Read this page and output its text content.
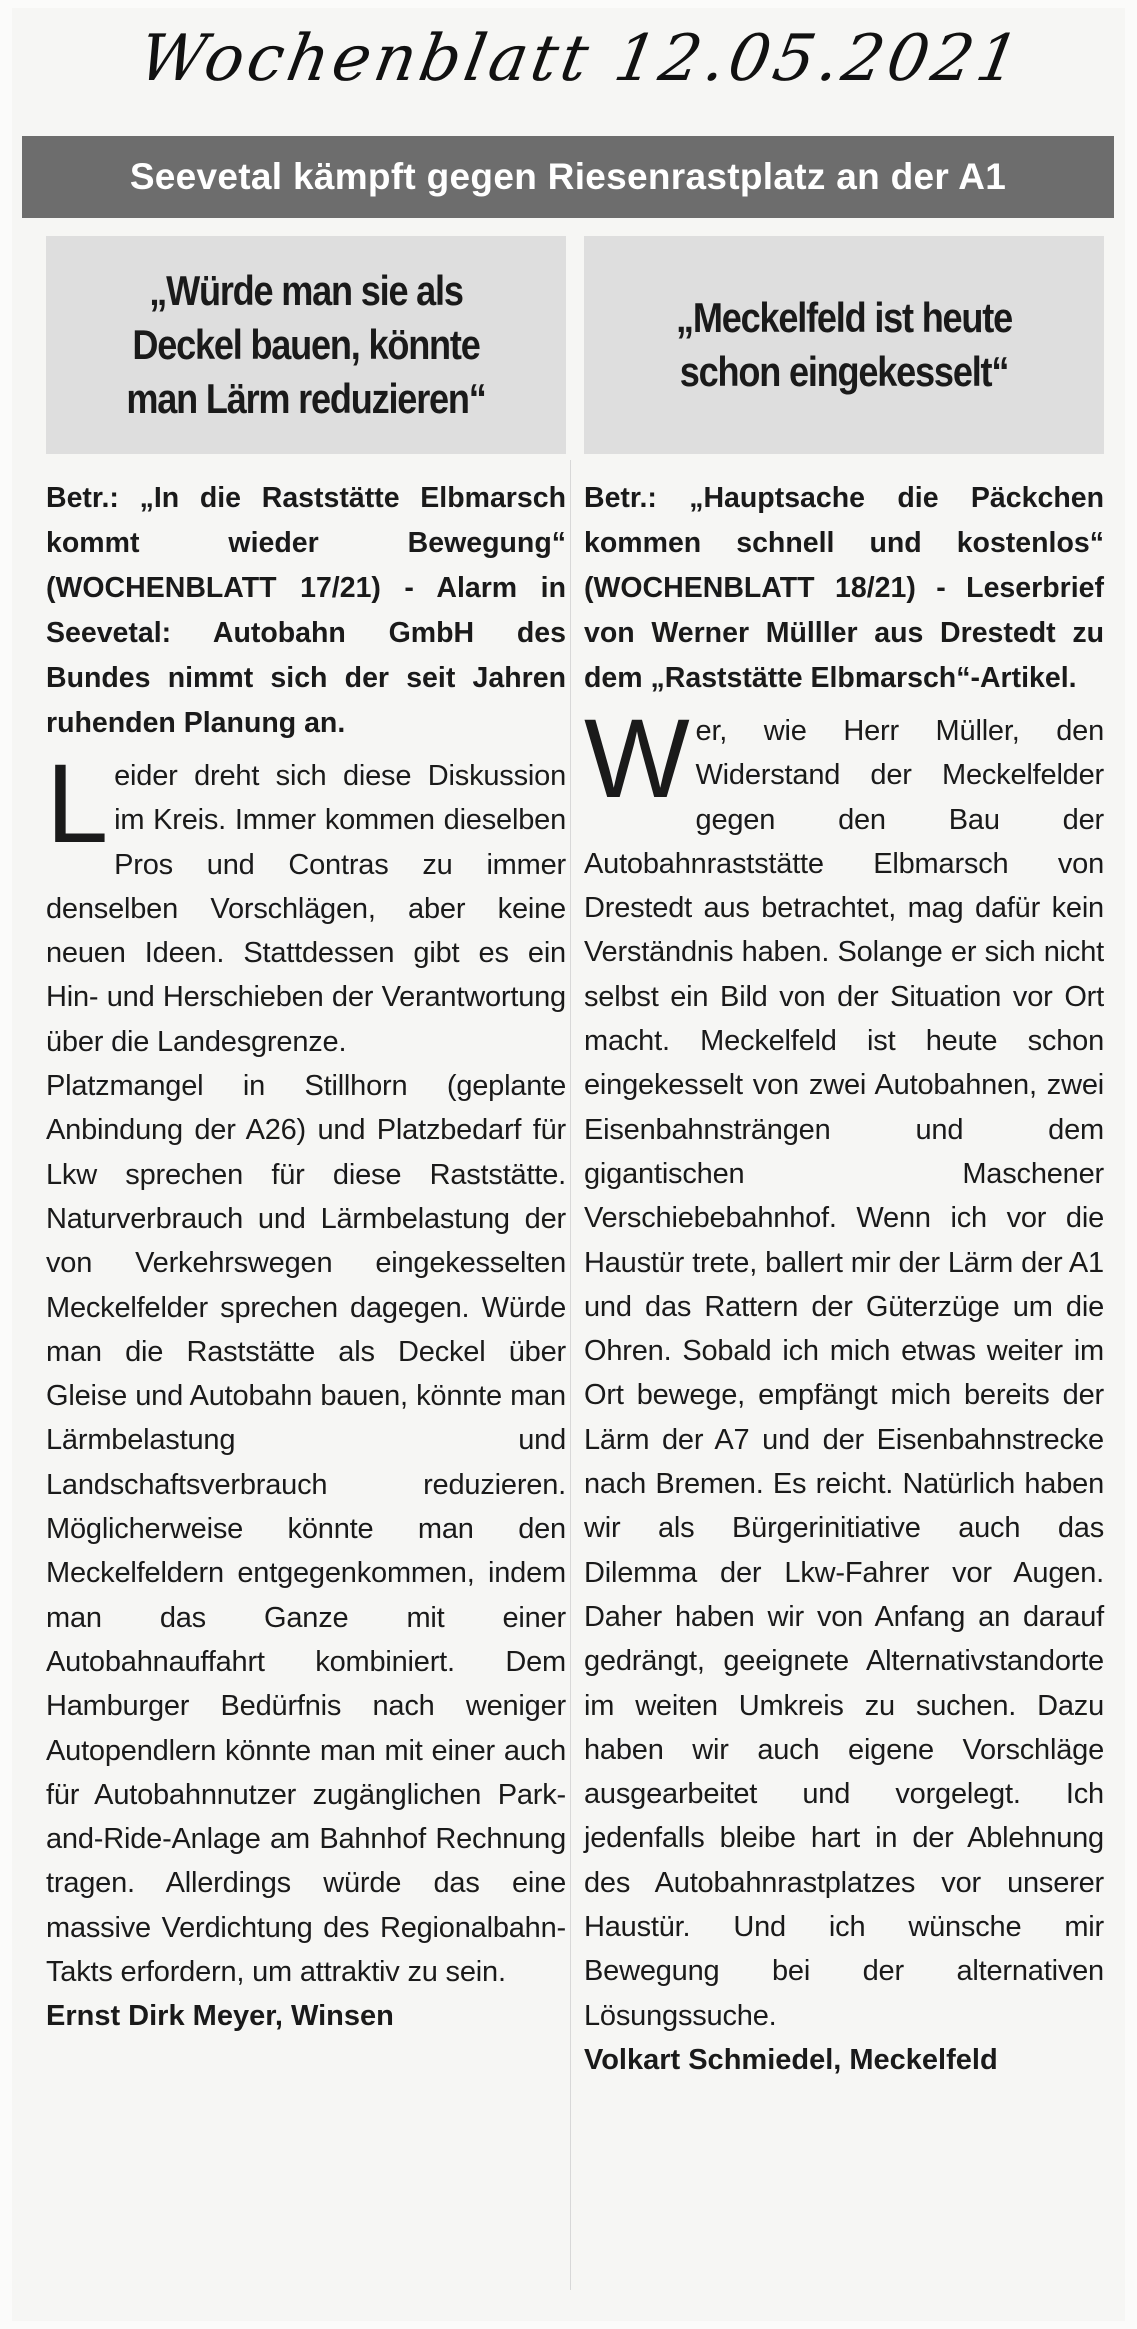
Wochenblatt 12.05.2021
Seevetal kämpft gegen Riesenrastplatz an der A1
„Würde man sie als Deckel bauen, könnte man Lärm reduzieren“
Betr.: „In die Raststätte Elbmarsch kommt wieder Bewegung“ (WOCHENBLATT 17/21) - Alarm in Seevetal: Autobahn GmbH des Bundes nimmt sich der seit Jahren ruhenden Planung an.
L eider dreht sich diese Diskussion im Kreis. Immer kommen dieselben Pros und Contras zu immer denselben Vorschlägen, aber keine neuen Ideen. Stattdessen gibt es ein Hin- und Herschieben der Verantwortung über die Landesgrenze.

Platzmangel in Stillhorn (geplante Anbindung der A26) und Platzbedarf für Lkw sprechen für diese Raststätte. Naturverbrauch und Lärmbelastung der von Verkehrswegen eingekesselten Meckelfelder sprechen dagegen. Würde man die Raststätte als Deckel über Gleise und Autobahn bauen, könnte man Lärmbelastung und Landschaftsverbrauch reduzieren. Möglicherweise könnte man den Meckelfeldern entgegenkommen, indem man das Ganze mit einer Autobahnauffahrt kombiniert. Dem Hamburger Bedürfnis nach weniger Autopendlern könnte man mit einer auch für Autobahnnutzer zugänglichen Park-and-Ride-Anlage am Bahnhof Rechnung tragen. Allerdings würde das eine massive Verdichtung des Regionalbahn-Takts erfordern, um attraktiv zu sein.

Ernst Dirk Meyer, Winsen
„Meckelfeld ist heute schon eingekesselt“
Betr.: „Hauptsache die Päckchen kommen schnell und kostenlos“ (WOCHENBLATT 18/21) - Leserbrief von Werner Mülller aus Drestedt zu dem „Raststätte Elbmarsch“-Artikel.
W er, wie Herr Müller, den Widerstand der Meckelfelder gegen den Bau der Autobahnraststätte Elbmarsch von Drestedt aus betrachtet, mag dafür kein Verständnis haben. Solange er sich nicht selbst ein Bild von der Situation vor Ort macht. Meckelfeld ist heute schon eingekesselt von zwei Autobahnen, zwei Eisenbahnsträngen und dem gigantischen Maschener Verschiebebahnhof. Wenn ich vor die Haustür trete, ballert mir der Lärm der A1 und das Rattern der Güterzüge um die Ohren. Sobald ich mich etwas weiter im Ort bewege, empfängt mich bereits der Lärm der A7 und der Eisenbahnstrecke nach Bremen. Es reicht. Natürlich haben wir als Bürgerinitiative auch das Dilemma der Lkw-Fahrer vor Augen. Daher haben wir von Anfang an darauf gedrängt, geeignete Alternativstandorte im weiten Umkreis zu suchen. Dazu haben wir auch eigene Vorschläge ausgearbeitet und vorgelegt. Ich jedenfalls bleibe hart in der Ablehnung des Autobahnrastplatzes vor unserer Haustür. Und ich wünsche mir Bewegung bei der alternativen Lösungssuche.

Volkart Schmiedel, Meckelfeld
